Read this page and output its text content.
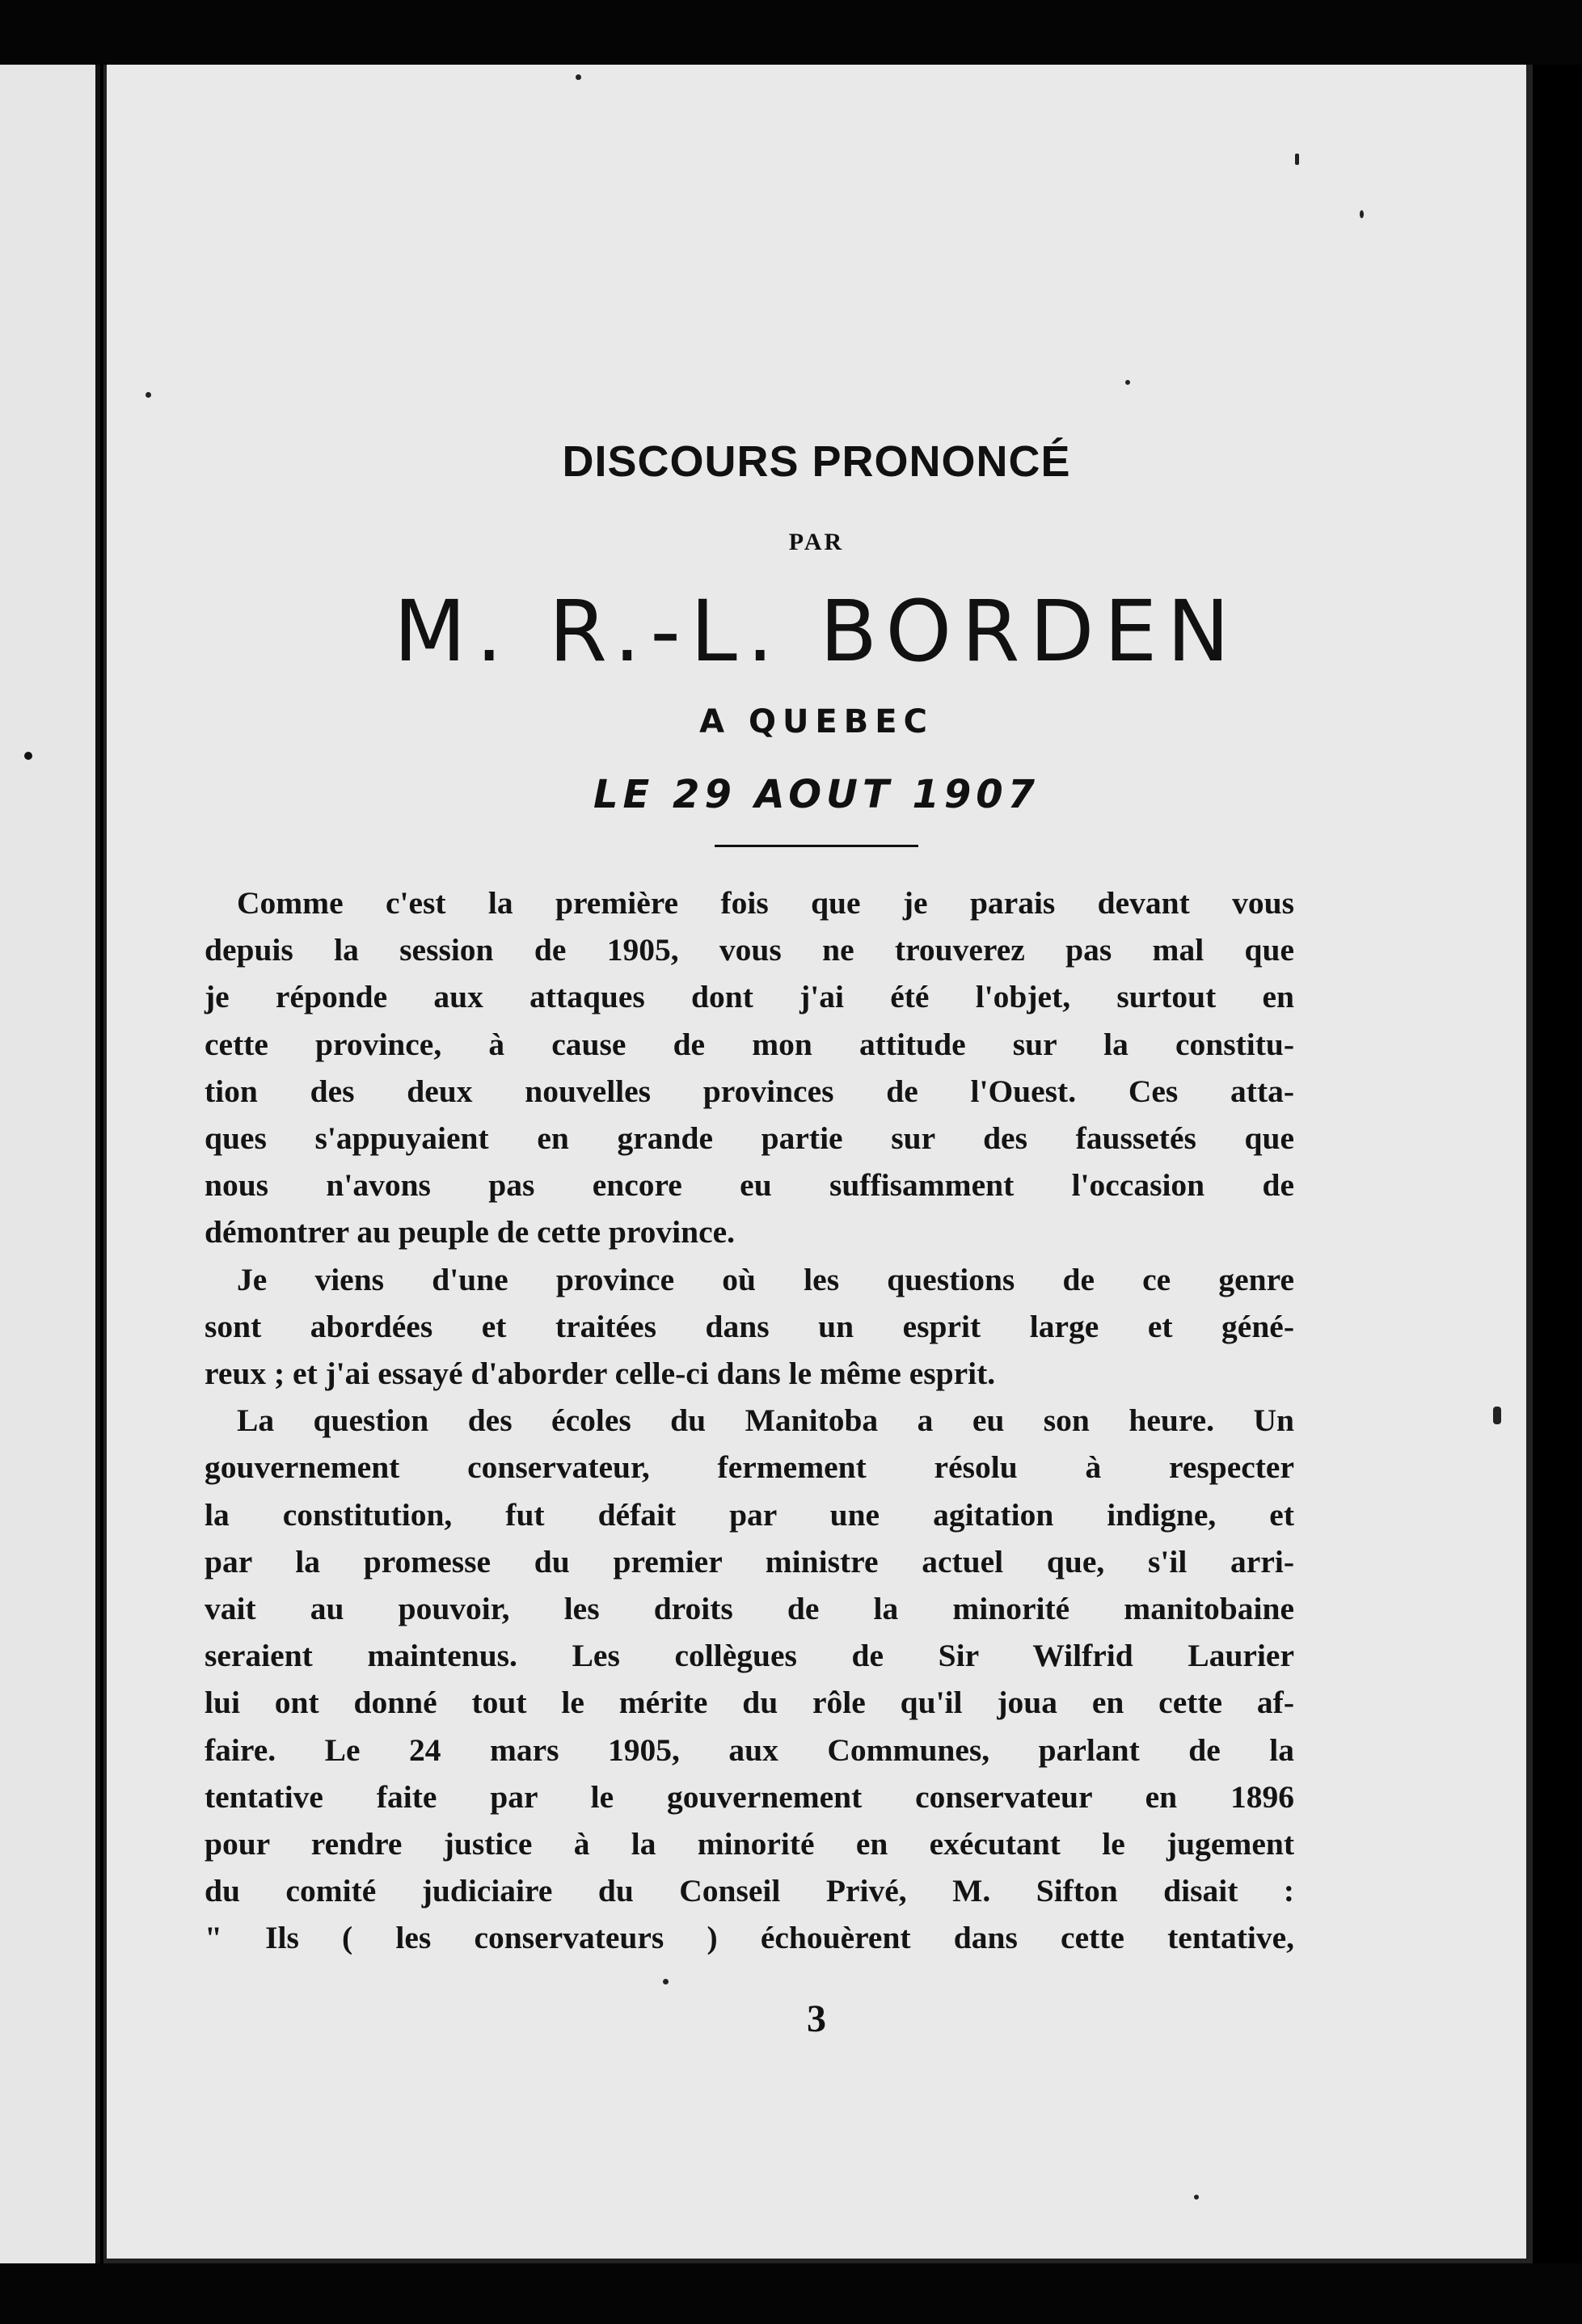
DISCOURS PRONONCÉ
PAR
M. R.-L. BORDEN
A QUEBEC
LE 29 AOUT 1907
3
Comme c'est la première fois que je parais devant vous
depuis la session de 1905, vous ne trouverez pas mal que
je réponde aux attaques dont j'ai été l'objet, surtout en
cette province, à cause de mon attitude sur la constitu-
tion des deux nouvelles provinces de l'Ouest. Ces atta-
ques s'appuyaient en grande partie sur des faussetés que
nous n'avons pas encore eu suffisamment l'occasion de
démontrer au peuple de cette province.
Je viens d'une province où les questions de ce genre
sont abordées et traitées dans un esprit large et géné-
reux ; et j'ai essayé d'aborder celle-ci dans le même esprit.
La question des écoles du Manitoba a eu son heure. Un
gouvernement conservateur, fermement résolu à respecter
la constitution, fut défait par une agitation indigne, et
par la promesse du premier ministre actuel que, s'il arri-
vait au pouvoir, les droits de la minorité manitobaine
seraient maintenus. Les collègues de Sir Wilfrid Laurier
lui ont donné tout le mérite du rôle qu'il joua en cette af-
faire. Le 24 mars 1905, aux Communes, parlant de la
tentative faite par le gouvernement conservateur en 1896
pour rendre justice à la minorité en exécutant le jugement
du comité judiciaire du Conseil Privé, M. Sifton disait :
" Ils ( les conservateurs ) échouèrent dans cette tentative,
